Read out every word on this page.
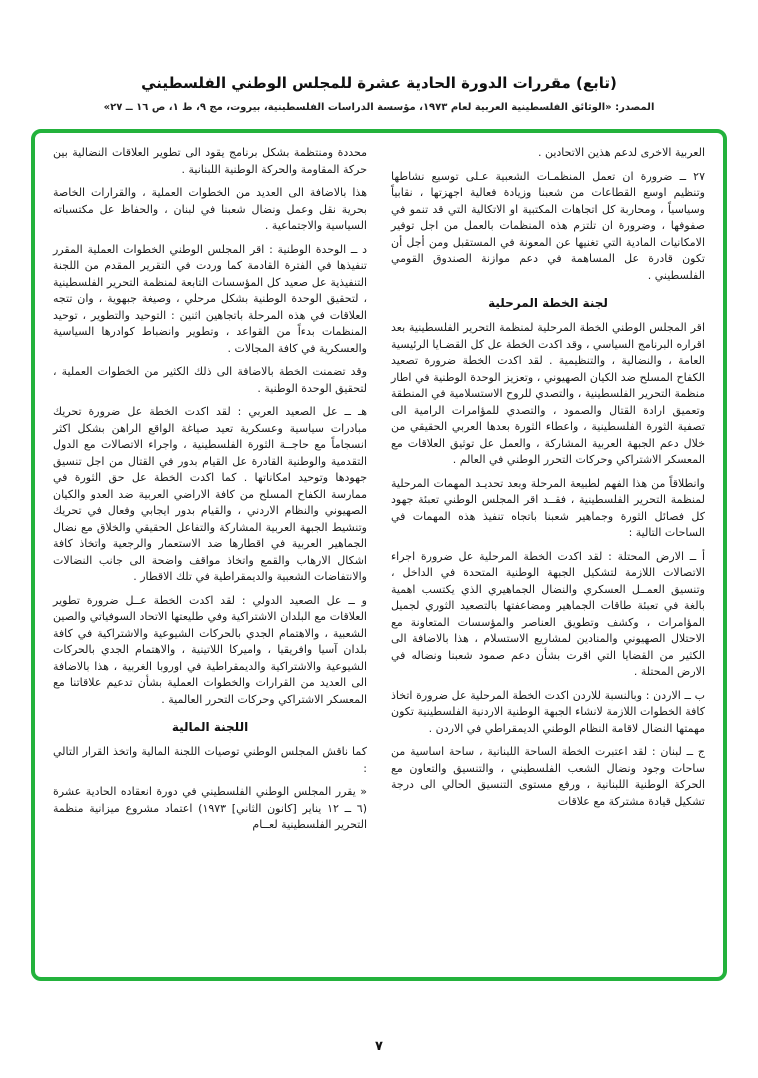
(تابع) مقررات الدورة الحادية عشرة للمجلس الوطني الفلسطيني
المصدر: «الوثائق الفلسطينية العربية لعام ١٩٧٣، مؤسسة الدراسات الفلسطينية، بيروت، مج ٩، ط ١، ص ١٦ ــ ٢٧»

العربية الاخرى لدعم هذين الاتحادين .

٢٧ ــ ضرورة ان تعمل المنظمـات الشعبية عـلى توسيع نشاطها وتنظيم اوسع القطاعات من شعبنا وزيادة فعالية اجهزتها ، نقابياً وسياسياً ، ومحاربة كل اتجاهات المكتبية او الاتكالية التي قد تنمو في صفوفها ، وضرورة ان تلتزم هذه المنظمات بالعمل من اجل توفير الامكانيات المادية التي تغنيها عن المعونة في المستقبل ومن أجل أن تكون قادرة عل المساهمة في دعم موازنة الصندوق القومي الفلسطيني .

لجنة الخطة المرحلية

اقر المجلس الوطني الخطة المرحلية لمنظمة التحرير الفلسطينية بعد اقراره البرنامج السياسي ، وقد اكدت الخطة عل كل القضـايا الرئيسية العامة ، والنضالية ، والتنظيمية . لقد اكدت الخطة ضرورة تصعيد الكفاح المسلح ضد الكيان الصهيوني ، وتعزيز الوحدة الوطنية في اطار منظمة التحرير الفلسطينية ، والتصدي للروح الاستسلامية في المنطقة وتعميق ارادة القتال والصمود ، والتصدي للمؤامرات الرامية الى تصفية الثورة الفلسطينية ، واعطاء الثورة بعدها العربي الحقيقي من خلال دعم الجبهة العربية المشاركة ، والعمل عل توثيق العلاقات مع المعسكر الاشتراكي وحركات التحرر الوطني في العالم .

وانطلاقاً من هذا الفهم لطبيعة المرحلة وبعد تحديـد المهمات المرحلية لمنظمة التحرير الفلسطينية ، فقــد اقر المجلس الوطني تعبئة جهود كل فصائل الثورة وجماهير شعبنا باتجاه تنفيذ هذه المهمات في الساحات التالية :

أ ــ الارض المحتلة : لقد اكدت الخطة المرحلية عل ضرورة اجراء الاتصالات اللازمة لتشكيل الجبهة الوطنية المتحدة في الداخل ، وتنسيق العمــل العسكري والنضال الجماهيري الذي يكتسب اهمية بالغة في تعبئة طاقات الجماهير ومضاعفتها بالتصعيد الثوري لجميل المؤامرات ، وكشف وتطويق العناصر والمؤسسات المتعاونة مع الاحتلال الصهيوني والمنادين لمشاريع الاستسلام ، هذا بالاضافة الى الكثير من القضايا التي اقرت بشأن دعم صمود شعبنا ونضاله في الارض المحتلة .

ب ــ الاردن : وبالنسبة للاردن اكدت الخطة المرحلية عل ضرورة اتخاذ كافة الخطوات اللازمة لانشاء الجبهة الوطنية الاردنية الفلسطينية تكون مهمتها النضال لاقامة النظام الوطني الديمقراطي في الاردن .

ج ــ لبنان : لقد اعتبرت الخطة الساحة اللبنانية ، ساحة اساسية من ساحات وجود ونضال الشعب الفلسطيني ، والتنسيق والتعاون مع الحركة الوطنية اللبنانية ، ورفع مستوى التنسيق الحالي الى درجة تشكيل قيادة مشتركة مع علاقات

محددة ومنتظمة بشكل برنامج يقود الى تطوير العلاقات النضالية بين حركة المقاومة والحركة الوطنية اللبنانية .

هذا بالاضافة الى العديد من الخطوات العملية ، والقرارات الخاصة بحرية نقل وعمل ونضال شعبنا في لبنان ، والحفاظ عل مكتسباته السياسية والاجتماعية .

د ــ الوحدة الوطنية : اقر المجلس الوطني الخطوات العملية المقرر تنفيذها في الفترة القادمة كما وردت في التقرير المقدم من اللجنة التنفيذية عل صعيد كل المؤسسات التابعة لمنظمة التحرير الفلسطينية ، لتحقيق الوحدة الوطنية بشكل مرحلي ، وصيغة جبهوية ، وان تتجه العلاقات في هذه المرحلة باتجاهين اثنين : التوحيد والتطوير ، توحيد المنظمات بدءاً من القواعد ، وتطوير وانضباط كوادرها السياسية والعسكرية في كافة المجالات .

وقد تضمنت الخطة بالاضافة الى ذلك الكثير من الخطوات العملية ، لتحقيق الوحدة الوطنية .

هـ ــ عل الصعيد العربي : لقد اكدت الخطة عل ضرورة تحريك مبادرات سياسية وعسكرية تعيد صياغة الواقع الراهن بشكل اكثر انسجاماً مع حاجــة الثورة الفلسطينية ، واجراء الاتصالات مع الدول التقدمية والوطنية القادرة عل القيام بدور في القتال من اجل تنسيق جهودها وتوحيد امكاناتها . كما اكدت الخطة عل حق الثورة في ممارسة الكفاح المسلح من كافة الاراضي العربية ضد العدو والكيان الصهيوني والنظام الاردني ، والقيام بدور ايجابي وفعال في تحريك وتنشيط الجبهة العربية المشاركة والتفاعل الحقيقي والخلاق مع نضال الجماهير العربية في اقطارها ضد الاستعمار والرجعية واتخاذ كافة اشكال الارهاب والقمع واتخاذ مواقف واضحة الى جانب النضالات والانتفاضات الشعبية والديمقراطية في تلك الاقطار .

و ــ عل الصعيد الدولي : لقد اكدت الخطة عــل ضرورة تطوير العلاقات مع البلدان الاشتراكية وفي طليعتها الاتحاد السوفياتي والصين الشعبية ، والاهتمام الجدي بالحركات الشيوعية والاشتراكية في كافة بلدان آسيا وافريقيا ، واميركا اللاتينية ، والاهتمام الجدي بالحركات الشيوعية والاشتراكية والديمقراطية في اوروبا الغربية ، هذا بالاضافة الى العديد من القرارات والخطوات العملية بشأن تدعيم علاقاتنا مع المعسكر الاشتراكي وحركات التحرر العالمية .

اللجنة المالية

كما ناقش المجلس الوطني توصيات اللجنة المالية واتخذ القرار التالي :

« يقرر المجلس الوطني الفلسطيني في دورة انعقاده الحادية عشرة (٦ ــ ١٢ يناير [كانون الثاني] ١٩٧٣) اعتماد مشروع ميزانية منظمة التحرير الفلسطينية لعــام

٧
